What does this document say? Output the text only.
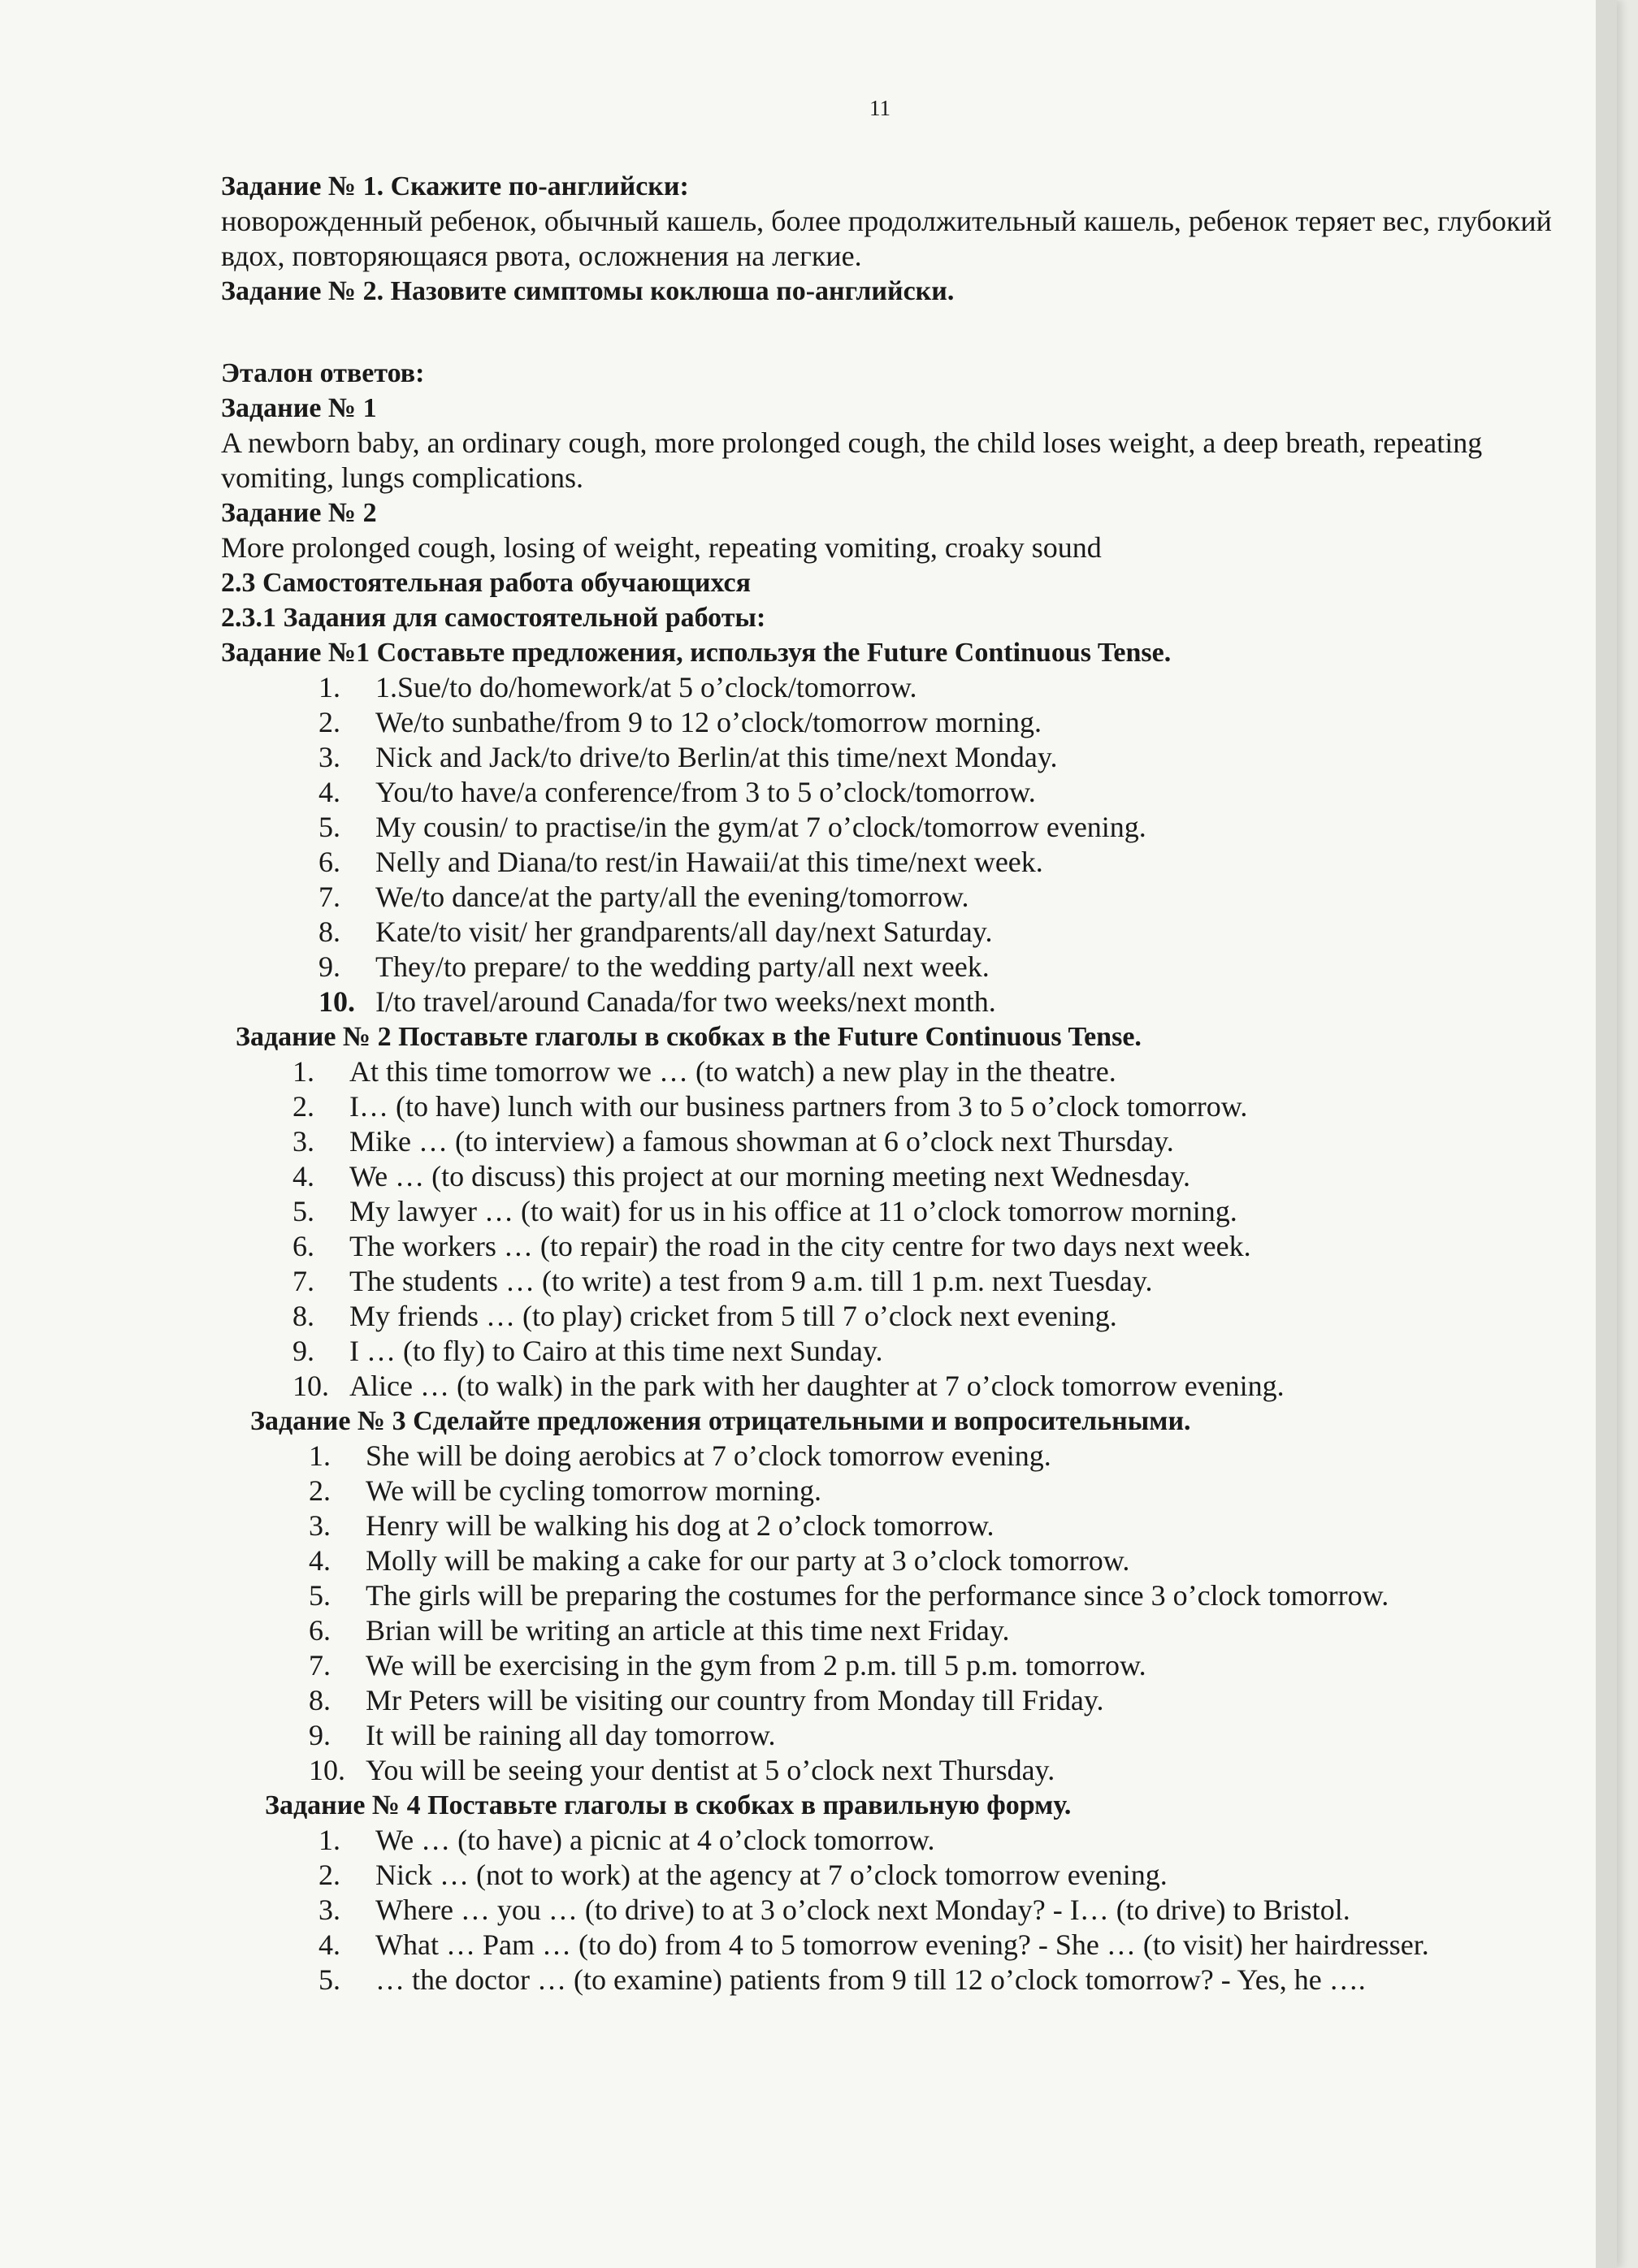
11

Задание № 1. Скажите по-английски:

новорожденный ребенок, обычный кашель, более продолжительный кашель, ребенок теряет вес, глубокий вдох, повторяющаяся рвота, осложнения на легкие.

Задание № 2. Назовите симптомы коклюша по-английски.

Эталон ответов:

Задание № 1

A newborn baby, an ordinary cough, more prolonged cough, the child loses weight, a deep breath, repeating vomiting, lungs complications.

Задание № 2

More prolonged cough, losing of weight, repeating vomiting, croaky sound

2.3 Самостоятельная работа обучающихся

2.3.1 Задания для самостоятельной работы:

Задание №1 Составьте предложения, используя the Future Continuous Tense.

1.	1.Sue/to do/homework/at 5 o’clock/tomorrow.
2.	We/to sunbathe/from 9 to 12 o’clock/tomorrow morning.
3.	Nick and Jack/to drive/to Berlin/at this time/next Monday.
4.	You/to have/a conference/from 3 to 5 o’clock/tomorrow.
5.	My cousin/ to practise/in the gym/at 7 o’clock/tomorrow evening.
6.	Nelly and Diana/to rest/in Hawaii/at this time/next week.
7.	We/to dance/at the party/all the evening/tomorrow.
8.	Kate/to visit/ her grandparents/all day/next Saturday.
9.	They/to prepare/ to the wedding party/all next week.
10. I/to travel/around Canada/for two weeks/next month.

Задание № 2 Поставьте глаголы в скобках в the Future Continuous Tense.

1.	At this time tomorrow we … (to watch) a new play in the theatre.
2.	I… (to have) lunch with our business partners from 3 to 5 o’clock tomorrow.
3.	Mike … (to interview) a famous showman at 6 o’clock next Thursday.
4.	We … (to discuss) this project at our morning meeting next Wednesday.
5.	My lawyer … (to wait) for us in his office at 11 o’clock tomorrow morning.
6.	The workers … (to repair) the road in the city centre for two days next week.
7.	The students … (to write) a test from 9 a.m. till 1 p.m. next Tuesday.
8.	My friends … (to play) cricket from 5 till 7 o’clock next evening.
9.	I … (to fly) to Cairo at this time next Sunday.
10. Alice … (to walk) in the park with her daughter at 7 o’clock tomorrow evening.

Задание № 3 Сделайте предложения отрицательными и вопросительными.

1.	She will be doing aerobics at 7 o’clock tomorrow evening.
2.	We will be cycling tomorrow morning.
3.	Henry will be walking his dog at 2 o’clock tomorrow.
4.	Molly will be making a cake for our party at 3 o’clock tomorrow.
5.	The girls will be preparing the costumes for the performance since 3 o’clock tomorrow.
6.	Brian will be writing an article at this time next Friday.
7.	We will be exercising in the gym from 2 p.m. till 5 p.m. tomorrow.
8.	Mr Peters will be visiting our country from Monday till Friday.
9.	It will be raining all day tomorrow.
10. You will be seeing your dentist at 5 o’clock next Thursday.

Задание № 4 Поставьте глаголы в скобках в правильную форму.

1.	We … (to have) a picnic at 4 o’clock tomorrow.
2.	Nick … (not to work) at the agency at 7 o’clock tomorrow evening.
3.	Where … you … (to drive) to at 3 o’clock next Monday? - I… (to drive) to Bristol.
4.	What … Pam … (to do) from 4 to 5 tomorrow evening? - She … (to visit) her hairdresser.
5.	… the doctor … (to examine) patients from 9 till 12 o’clock tomorrow? - Yes, he ….
